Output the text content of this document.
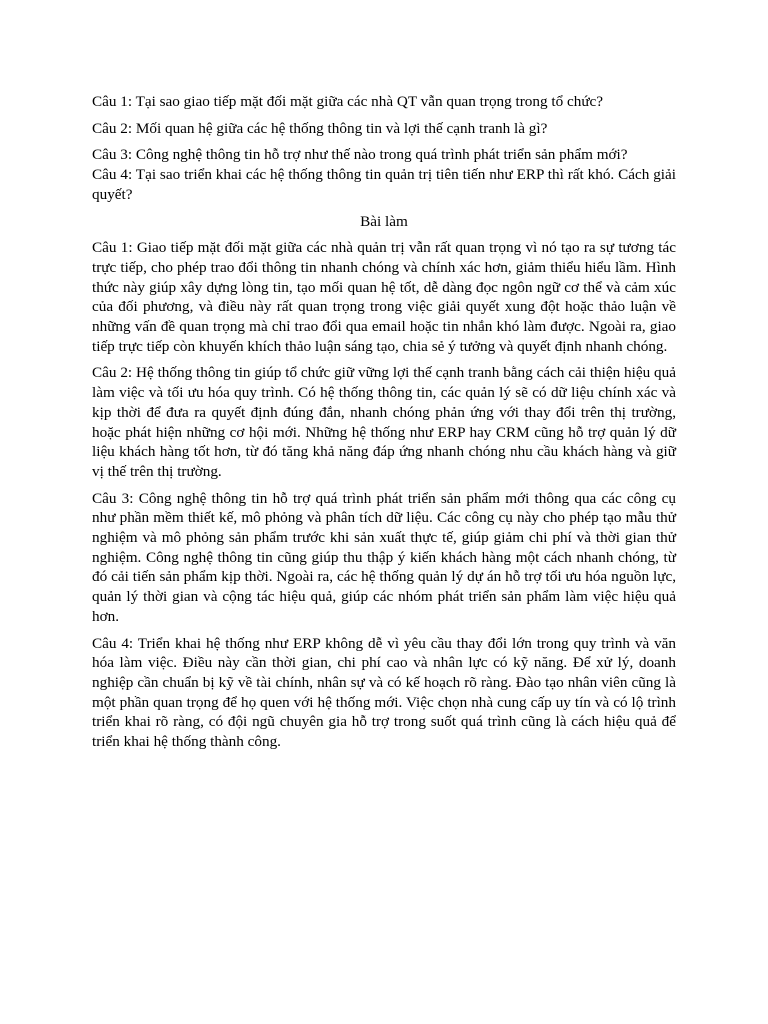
Câu 1: Tại sao giao tiếp mặt đối mặt giữa các nhà QT vẫn quan trọng trong tổ chức?

Câu 2: Mối quan hệ giữa các hệ thống thông tin và lợi thế cạnh tranh là gì?

Câu 3: Công nghệ thông tin hỗ trợ như thế nào trong quá trình phát triển sản phẩm mới?

Câu 4: Tại sao triển khai các hệ thống thông tin quản trị tiên tiến như ERP thì rất khó. Cách giải quyết?

Bài làm

Câu 1: Giao tiếp mặt đối mặt giữa các nhà quản trị vẫn rất quan trọng vì nó tạo ra sự tương tác trực tiếp, cho phép trao đổi thông tin nhanh chóng và chính xác hơn, giảm thiểu hiểu lầm. Hình thức này giúp xây dựng lòng tin, tạo mối quan hệ tốt, dễ dàng đọc ngôn ngữ cơ thể và cảm xúc của đối phương, và điều này rất quan trọng trong việc giải quyết xung đột hoặc thảo luận về những vấn đề quan trọng mà chỉ trao đổi qua email hoặc tin nhắn khó làm được. Ngoài ra, giao tiếp trực tiếp còn khuyến khích thảo luận sáng tạo, chia sẻ ý tưởng và quyết định nhanh chóng.

Câu 2: Hệ thống thông tin giúp tổ chức giữ vững lợi thế cạnh tranh bằng cách cải thiện hiệu quả làm việc và tối ưu hóa quy trình. Có hệ thống thông tin, các quản lý sẽ có dữ liệu chính xác và kịp thời để đưa ra quyết định đúng đắn, nhanh chóng phản ứng với thay đổi trên thị trường, hoặc phát hiện những cơ hội mới. Những hệ thống như ERP hay CRM cũng hỗ trợ quản lý dữ liệu khách hàng tốt hơn, từ đó tăng khả năng đáp ứng nhanh chóng nhu cầu khách hàng và giữ vị thế trên thị trường.

Câu 3: Công nghệ thông tin hỗ trợ quá trình phát triển sản phẩm mới thông qua các công cụ như phần mềm thiết kế, mô phỏng và phân tích dữ liệu. Các công cụ này cho phép tạo mẫu thử nghiệm và mô phỏng sản phẩm trước khi sản xuất thực tế, giúp giảm chi phí và thời gian thử nghiệm. Công nghệ thông tin cũng giúp thu thập ý kiến khách hàng một cách nhanh chóng, từ đó cải tiến sản phẩm kịp thời. Ngoài ra, các hệ thống quản lý dự án hỗ trợ tối ưu hóa nguồn lực, quản lý thời gian và cộng tác hiệu quả, giúp các nhóm phát triển sản phẩm làm việc hiệu quả hơn.

Câu 4: Triển khai hệ thống như ERP không dễ vì yêu cầu thay đổi lớn trong quy trình và văn hóa làm việc. Điều này cần thời gian, chi phí cao và nhân lực có kỹ năng. Để xử lý, doanh nghiệp cần chuẩn bị kỹ về tài chính, nhân sự và có kế hoạch rõ ràng. Đào tạo nhân viên cũng là một phần quan trọng để họ quen với hệ thống mới. Việc chọn nhà cung cấp uy tín và có lộ trình triển khai rõ ràng, có đội ngũ chuyên gia hỗ trợ trong suốt quá trình cũng là cách hiệu quả để triển khai hệ thống thành công.
